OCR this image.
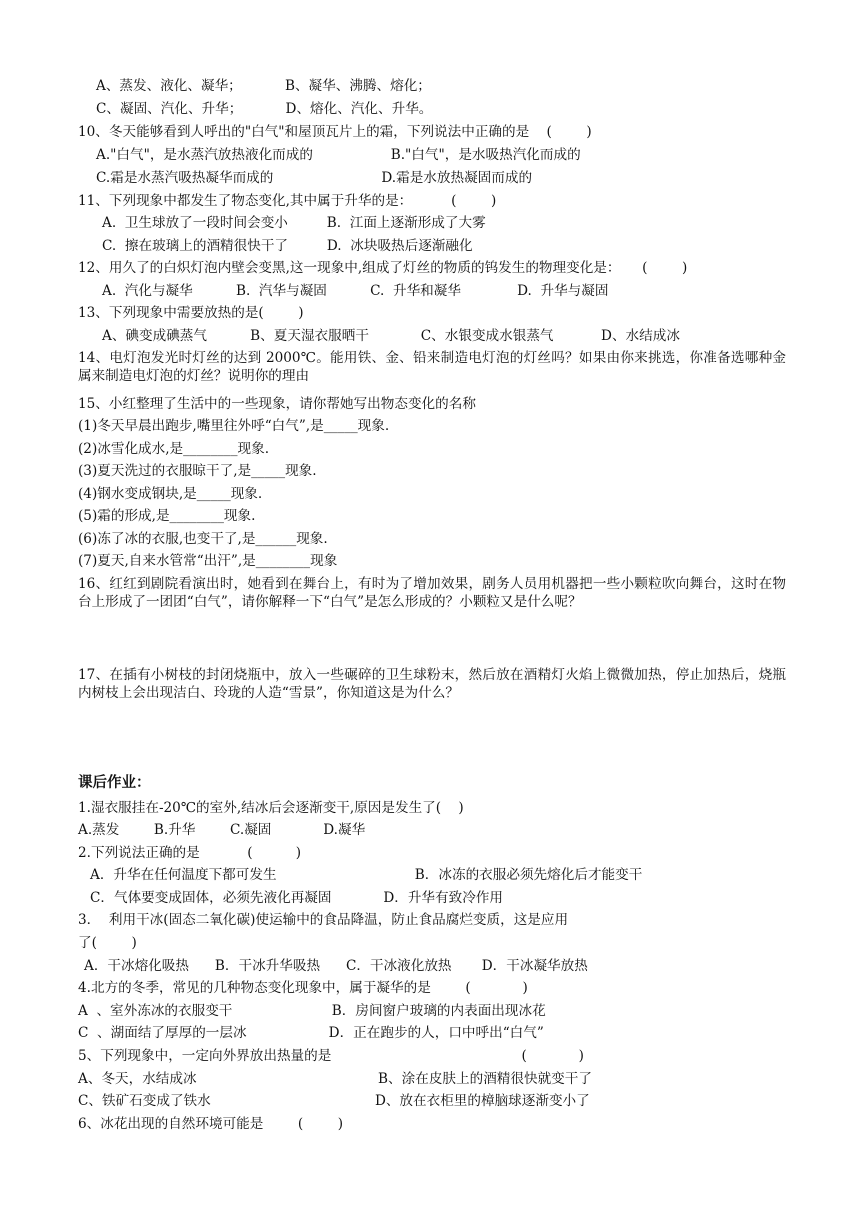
A、蒸发、液化、凝华；          B、凝华、沸腾、熔化；
C、凝固、汽化、升华；          D、熔化、汽化、升华。
10、冬天能够看到人呼出的"白气"和屋顶瓦片上的霜，下列说法中正确的是    (        )
A."白气"，是水蒸汽放热液化而成的                  B."白气"，是水吸热汽化而成的
C.霜是水蒸汽吸热凝华而成的                         D.霜是水放热凝固而成的
11、下列现象中都发生了物态变化,其中属于升华的是：         (        )
A.  卫生球放了一段时间会变小         B.  江面上逐渐形成了大雾
C.  擦在玻璃上的酒精很快干了         D.  冰块吸热后逐渐融化
12、用久了的白炽灯泡内壁会变黑,这一现象中,组成了灯丝的物质的钨发生的物理变化是：     (        )
A.  汽化与凝华          B.  汽华与凝固          C.  升华和凝华             D.  升华与凝固
13、下列现象中需要放热的是(        )
A、碘变成碘蒸气          B、夏天湿衣服晒干            C、水银变成水银蒸气           D、水结成冰
14、电灯泡发光时灯丝的达到 2000℃。能用铁、金、铅来制造电灯泡的灯丝吗？如果由你来挑选，你准备选哪种金属来制造电灯泡的灯丝？说明你的理由
15、小红整理了生活中的一些现象，请你帮她写出物态变化的名称
(1)冬天早晨出跑步,嘴里往外呼“白气”,是_____现象.
(2)冰雪化成水,是________现象.
(3)夏天洗过的衣服晾干了,是_____现象.
(4)钢水变成钢块,是_____现象.
(5)霜的形成,是________现象.
(6)冻了冰的衣服,也变干了,是______现象.
(7)夏天,自来水管常“出汗”,是________现象
16、红红到剧院看演出时，她看到在舞台上，有时为了增加效果，剧务人员用机器把一些小颗粒吹向舞台，这时在物台上形成了一团团“白气”，请你解释一下“白气”是怎么形成的？小颗粒又是什么呢？
17、在插有小树枝的封闭烧瓶中，放入一些碾碎的卫生球粉末，然后放在酒精灯火焰上微微加热，停止加热后，烧瓶内树枝上会出现洁白、玲珑的人造“雪景”，你知道这是为什么？
课后作业：
1.湿衣服挂在-20℃的室外,结冰后会逐渐变干,原因是发生了(    )
A.蒸发        B.升华        C.凝固            D.凝华
2.下列说法正确的是           (          )
A．升华在任何温度下都可发生                                B．冰冻的衣服必须先熔化后才能变干
C．气体要变成固体，必须先液化再凝固            D．升华有致冷作用
3．  利用干冰(固态二氧化碳)使运输中的食品降温，防止食品腐烂变质，这是应用
了(        )
A．干冰熔化吸热      B．干冰升华吸热      C．干冰液化放热       D．干冰凝华放热
4.北方的冬季，常见的几种物态变化现象中，属于凝华的是        (            )
A  、室外冻冰的衣服变干                       B．房间窗户玻璃的内表面出现冰花
C  、湖面结了厚厚的一层冰                   D．正在跑步的人，口中呼出“白气”
5、下列现象中，一定向外界放出热量的是                                            (            )
A、冬天，水结成冰                                          B、涂在皮肤上的酒精很快就变干了
C、铁矿石变成了铁水                                      D、放在衣柜里的樟脑球逐渐变小了
6、冰花出现的自然环境可能是        (        )
